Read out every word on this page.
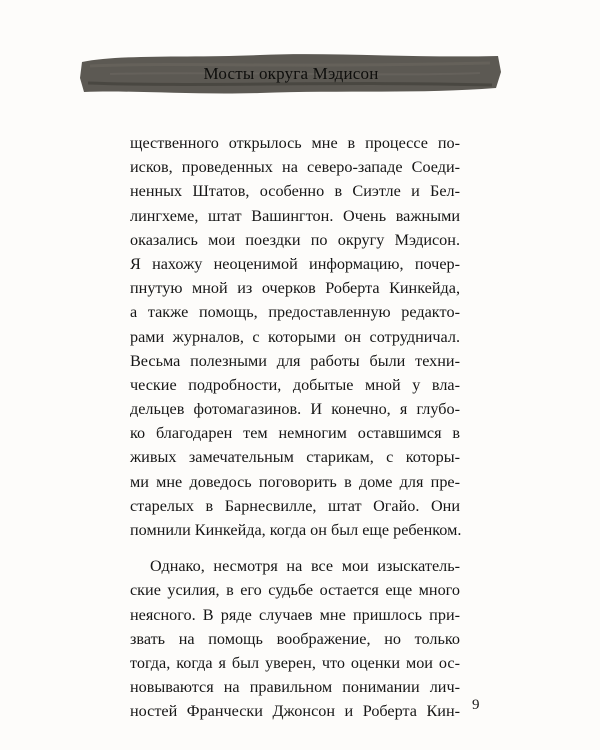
Мосты округа Мэдисон
щественного открылось мне в процессе по-
исков, проведенных на северо-западе Соеди-
ненных Штатов, особенно в Сиэтле и Бел-
лингхеме, штат Вашингтон. Очень важными
оказались мои поездки по округу Мэдисон.
Я нахожу неоценимой информацию, почер-
пнутую мной из очерков Роберта Кинкейда,
а также помощь, предоставленную редактo-
рами журналов, с которыми он сотрудничал.
Весьма полезными для работы были техни-
ческие подробности, добытые мной у вла-
дельцев фотомагазинов. И конечно, я глубо-
ко благодарен тем немногим оставшимся в
живых замечательным старикам, с которы-
ми мне доведось поговорить в доме для пре-
старелых в Барнесвилле, штат Огайо. Они
помнили Кинкейда, когда он был еще ребенком.
Однако, несмотря на все мои изыскатель-
ские усилия, в его судьбе остается еще много
неясного. В ряде случаев мне пришлось при-
звать на помощь воображение, но только
тогда, когда я был уверен, что оценки мои ос-
новываются на правильном понимании лич-
ностей Франчески Джонсон и Роберта Кин- 9
